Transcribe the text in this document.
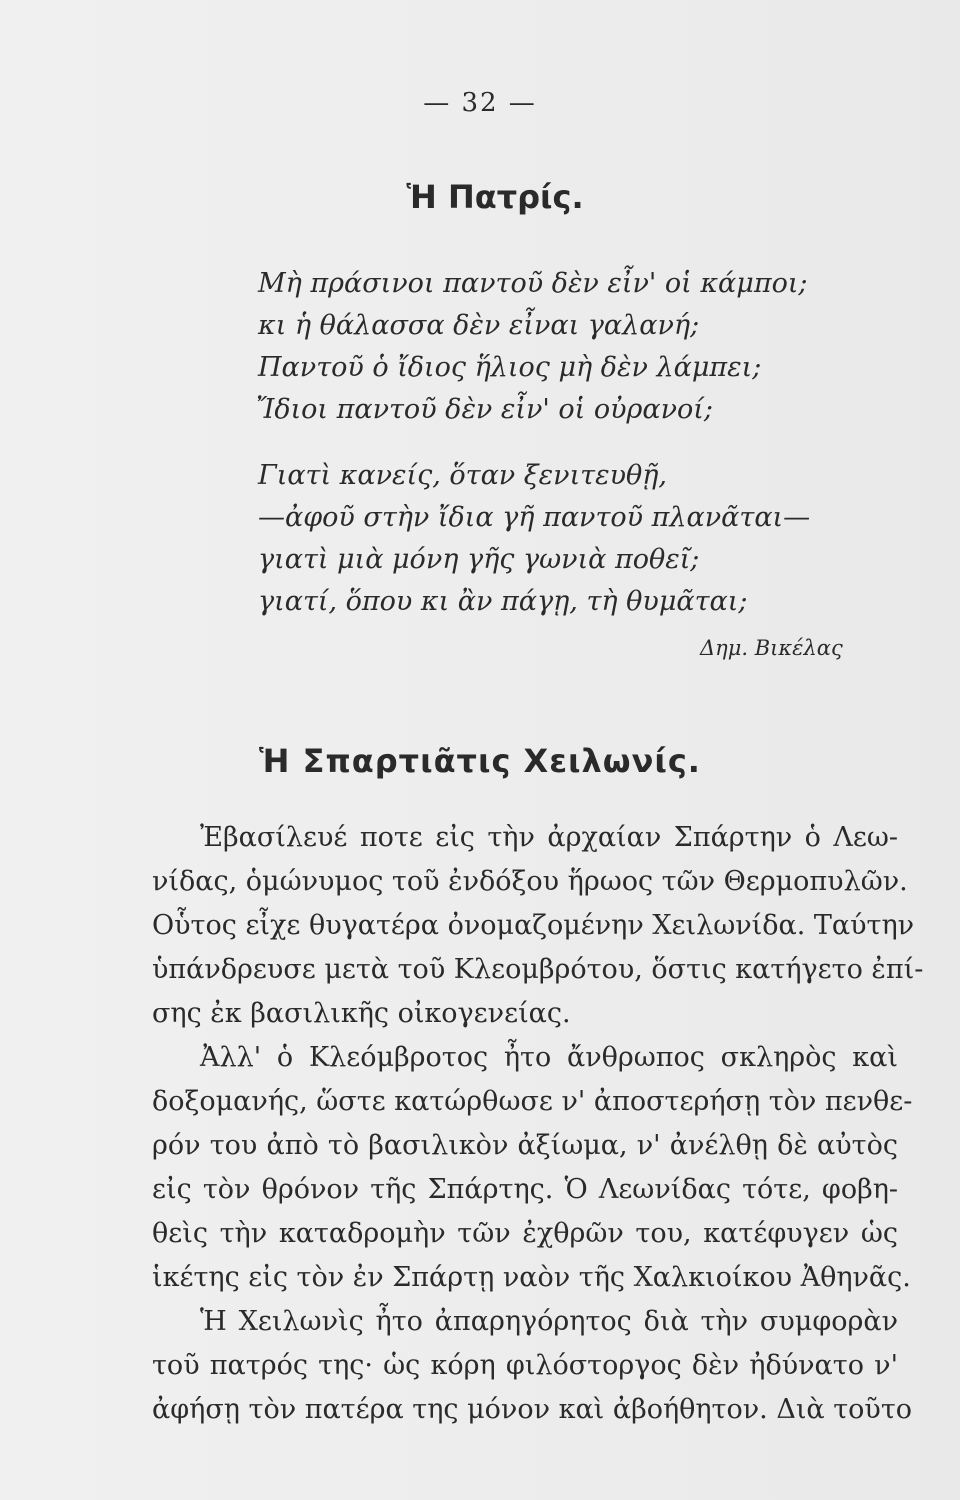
— 32 —
Ἡ Πατρίς.
Μὴ πράσινοι παντοῦ δὲν εἶν' οἱ κάμποι;
κι ἡ θάλασσα δὲν εἶναι γαλανή;
Παντοῦ ὁ ἴδιος ἥλιος μὴ δὲν λάμπει;
Ἴδιοι παντοῦ δὲν εἶν' οἱ οὐρανοί;
Γιατὶ κανείς, ὅταν ξενιτευθῇ,
—ἀφοῦ στὴν ἴδια γῆ παντοῦ πλανᾶται—
γιατὶ μιὰ μόνη γῆς γωνιὰ ποθεῖ;
γιατί, ὅπου κι ἂν πάγῃ, τὴ θυμᾶται;
Δημ. Βικέλας
Ἡ Σπαρτιᾶτις Χειλωνίς.
Ἐβασίλευέ ποτε εἰς τὴν ἀρχαίαν Σπάρτην ὁ Λεω-
νίδας, ὁμώνυμος τοῦ ἐνδόξου ἥρωος τῶν Θερμοπυλῶν.
Οὗτος εἶχε θυγατέρα ὀνομαζομένην Χειλωνίδα. Ταύτην
ὑπάνδρευσε μετὰ τοῦ Κλεομβρότου, ὅστις κατήγετο ἐπί-
σης ἐκ βασιλικῆς οἰκογενείας.
Ἀλλ' ὁ Κλεόμβροτος ἦτο ἄνθρωπος σκληρὸς καὶ
δοξομανής, ὥστε κατώρθωσε ν' ἀποστερήσῃ τὸν πενθε-
ρόν του ἀπὸ τὸ βασιλικὸν ἀξίωμα, ν' ἀνέλθῃ δὲ αὐτὸς
εἰς τὸν θρόνον τῆς Σπάρτης. Ὁ Λεωνίδας τότε, φοβη-
θεὶς τὴν καταδρομὴν τῶν ἐχθρῶν του, κατέφυγεν ὡς
ἱκέτης εἰς τὸν ἐν Σπάρτῃ ναὸν τῆς Χαλκιοίκου Ἀθηνᾶς.
Ἡ Χειλωνὶς ἦτο ἀπαρηγόρητος διὰ τὴν συμφορὰν
τοῦ πατρός της· ὡς κόρη φιλόστοργος δὲν ἠδύνατο ν'
ἀφήσῃ τὸν πατέρα της μόνον καὶ ἀβοήθητον. Διὰ τοῦτο
